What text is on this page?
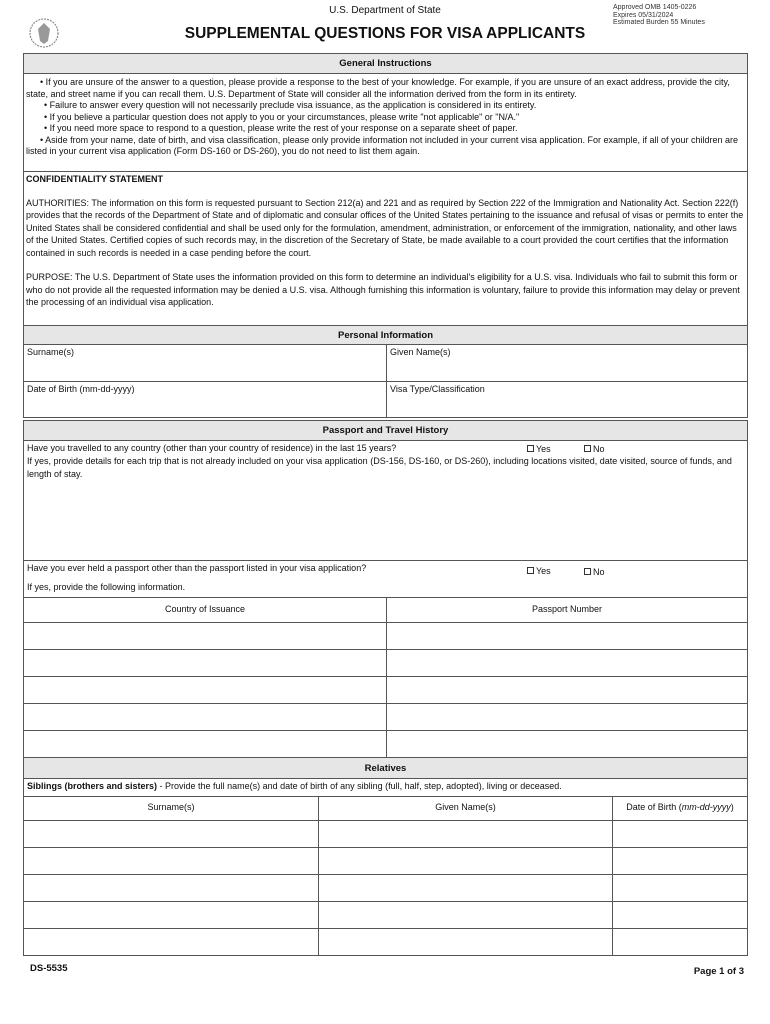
U.S. Department of State
SUPPLEMENTAL QUESTIONS FOR VISA APPLICANTS
Approved OMB 1405-0226
Expires 05/31/2024
Estimated Burden 55 Minutes
General Instructions
• If you are unsure of the answer to a question, please provide a response to the best of your knowledge. For example, if you are unsure of an exact address, provide the city, state, and street name if you can recall them. U.S. Department of State will consider all the information derived from the form in its entirety.
• Failure to answer every question will not necessarily preclude visa issuance, as the application is considered in its entirety.
• If you believe a particular question does not apply to you or your circumstances, please write "not applicable" or "N/A."
• If you need more space to respond to a question, please write the rest of your response on a separate sheet of paper.
• Aside from your name, date of birth, and visa classification, please only provide information not included in your current visa application. For example, if all of your children are listed in your current visa application (Form DS-160 or DS-260), you do not need to list them again.
CONFIDENTIALITY STATEMENT
AUTHORITIES: The information on this form is requested pursuant to Section 212(a) and 221 and as required by Section 222 of the Immigration and Nationality Act. Section 222(f) provides that the records of the Department of State and of diplomatic and consular offices of the United States pertaining to the issuance and refusal of visas or permits to enter the United States shall be considered confidential and shall be used only for the formulation, amendment, administration, or enforcement of the immigration, nationality, and other laws of the United States. Certified copies of such records may, in the discretion of the Secretary of State, be made available to a court provided the court certifies that the information contained in such records is needed in a case pending before the court.
PURPOSE: The U.S. Department of State uses the information provided on this form to determine an individual's eligibility for a U.S. visa. Individuals who fail to submit this form or who do not provide all the requested information may be denied a U.S. visa. Although furnishing this information is voluntary, failure to provide this information may delay or prevent the processing of an individual visa application.
Personal Information
Surname(s)	Given Name(s)
Date of Birth (mm-dd-yyyy)	Visa Type/Classification
Passport and Travel History
Have you travelled to any country (other than your country of residence) in the last 15 years?	Yes	No
If yes, provide details for each trip that is not already included on your visa application (DS-156, DS-160, or DS-260), including locations visited, date visited, source of funds, and length of stay.
Have you ever held a passport other than the passport listed in your visa application?	Yes	No
If yes, provide the following information.
Country of Issuance	Passport Number
Relatives
Siblings (brothers and sisters) - Provide the full name(s) and date of birth of any sibling (full, half, step, adopted), living or deceased.
Surname(s)	Given Name(s)	Date of Birth (mm-dd-yyyy)
DS-5535	Page 1 of 3
